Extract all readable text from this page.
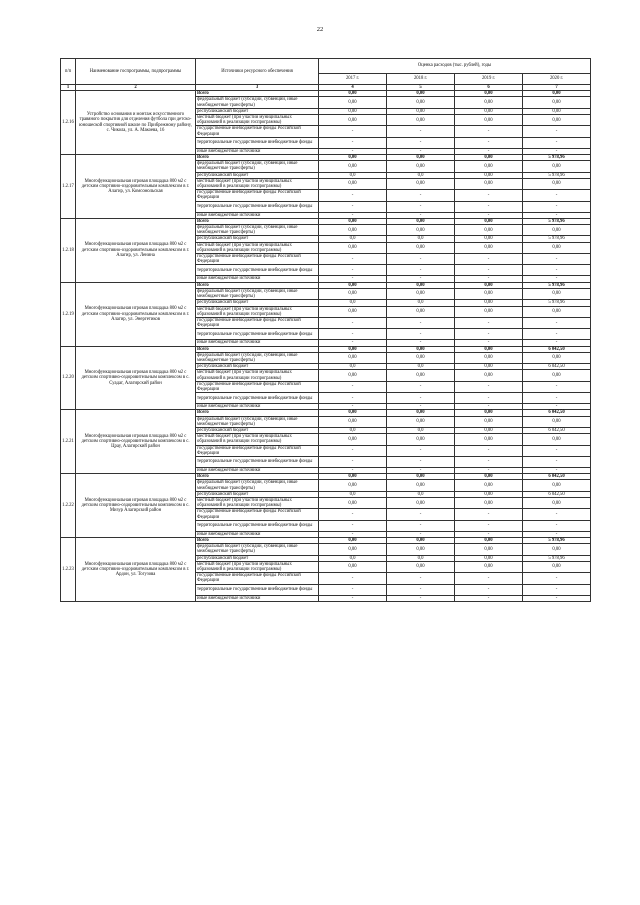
22
п/п	Наименование госпрограммы, подпрограммы	Источники ресурсного обеспечения	Оценка расходов (тыс. рублей), годы			
			2017 г.	2018 г.	2019 г.	2020 г.
1	2	3	4	5	6	7
1.2.16	Устройство основания и монтаж искусственного травяного покрытия для отделения футбола при детско-юношеской спортивной школе по Прибрежному району, с. Чикола, ул. А. Макоева, 16	Всего	0,00	0,00	0,00	0,00
		федеральный бюджет (субсидии, субвенции, иные межбюджетные трансферты)	0,00	0,00	0,00	0,00
		республиканский бюджет	0,00	0,00	0,00	0,00
		местный бюджет (при участии муниципальных образований в реализации госпрограммы)	0,00	0,00	0,00	0,00
		государственные внебюджетные фонды Российской Федерации	-	-	-	-
		территориальные государственные внебюджетные фонды	-	-	-	-
		иные внебюджетные источники	-	-	-	-
1.2.17	Многофункциональная игровая площадка 800 м2 с детским спортивно-оздоровительным комплексом в г. Алагир, ул. Комсомольская	Всего	0,00	0,00	0,00	5 978,96
		федеральный бюджет (субсидии, субвенции, иные межбюджетные трансферты)	0,00	0,00	0,00	0,00
		республиканский бюджет	0,0	0,0	0,00	5 978,96
		местный бюджет (при участии муниципальных образований в реализации госпрограммы)	0,00	0,00	0,00	0,00
		государственные внебюджетные фонды Российской Федерации	-	-	-	-
		территориальные государственные внебюджетные фонды	-	-	-	-
		иные внебюджетные источники	-	-	-	-
1.2.18	Многофункциональная игровая площадка 800 м2 с детским спортивно-оздоровительным комплексом в г. Алагир, ул. Ленина	Всего	0,00	0,00	0,00	5 978,96
		федеральный бюджет (субсидии, субвенции, иные межбюджетные трансферты)	0,00	0,00	0,00	0,00
		республиканский бюджет	0,0	0,0	0,00	5 978,96
		местный бюджет (при участии муниципальных образований в реализации госпрограммы)	0,00	0,00	0,00	0,00
		государственные внебюджетные фонды Российской Федерации	-	-	-	-
		территориальные государственные внебюджетные фонды	-	-	-	-
		иные внебюджетные источники	-	-	-	-
1.2.19	Многофункциональная игровая площадка 800 м2 с детским спортивно-оздоровительным комплексом в г. Алагир, ул. Энергетиков	Всего	0,00	0,00	0,00	5 978,96
		федеральный бюджет (субсидии, субвенции, иные межбюджетные трансферты)	0,00	0,00	0,00	0,00
		республиканский бюджет	0,0	0,0	0,00	5 978,96
		местный бюджет (при участии муниципальных образований в реализации госпрограммы)	0,00	0,00	0,00	0,00
		государственные внебюджетные фонды Российской Федерации	-	-	-	-
		территориальные государственные внебюджетные фонды	-	-	-	-
		иные внебюджетные источники	-	-	-	-
1.2.20	Многофункциональная игровая площадка 800 м2 с детским спортивно-оздоровительным комплексом в с. Суадаг, Алагирский район	Всего	0,00	0,00	0,00	6 042,50
		федеральный бюджет (субсидии, субвенции, иные межбюджетные трансферты)	0,00	0,00	0,00	0,00
		республиканский бюджет	0,0	0,0	0,00	6 042,50
		местный бюджет (при участии муниципальных образований в реализации госпрограммы)	0,00	0,00	0,00	0,00
		государственные внебюджетные фонды Российской Федерации	-	-	-	-
		территориальные государственные внебюджетные фонды	-	-	-	-
		иные внебюджетные источники	-	-	-	-
1.2.21	Многофункциональная игровая площадка 800 м2 с детским спортивно-оздоровительным комплексом в с. Црау, Алагирский район	Всего	0,00	0,00	0,00	6 042,50
		федеральный бюджет (субсидии, субвенции, иные межбюджетные трансферты)	0,00	0,00	0,00	0,00
		республиканский бюджет	0,0	0,0	0,00	6 042,50
		местный бюджет (при участии муниципальных образований в реализации госпрограммы)	0,00	0,00	0,00	0,00
		государственные внебюджетные фонды Российской Федерации	-	-	-	-
		территориальные государственные внебюджетные фонды	-	-	-	-
		иные внебюджетные источники	-	-	-	-
1.2.22	Многофункциональная игровая площадка 800 м2 с детским спортивно-оздоровительным комплексом в с. Мизур Алагирский район	Всего	0,00	0,00	0,00	6 042,50
		федеральный бюджет (субсидии, субвенции, иные межбюджетные трансферты)	0,00	0,00	0,00	0,00
		республиканский бюджет	0,0	0,0	0,00	6 042,50
		местный бюджет (при участии муниципальных образований в реализации госпрограммы)	0,00	0,00	0,00	0,00
		государственные внебюджетные фонды Российской Федерации	-	-	-	-
		территориальные государственные внебюджетные фонды	-	-	-	-
		иные внебюджетные источники	-	-	-	-
1.2.23	Многофункциональная игровая площадка 800 м2 с детским спортивно-оздоровительным комплексом в г. Ардон, ул. Тогузова	Всего	0,00	0,00	0,00	5 978,96
		федеральный бюджет (субсидии, субвенции, иные межбюджетные трансферты)	0,00	0,00	0,00	0,00
		республиканский бюджет	0,0	0,0	0,00	5 978,96
		местный бюджет (при участии муниципальных образований в реализации госпрограммы)	0,00	0,00	0,00	0,00
		государственные внебюджетные фонды Российской Федерации	-	-	-	-
		территориальные государственные внебюджетные фонды	-	-	-	-
		иные внебюджетные источники	-	-	-	-
